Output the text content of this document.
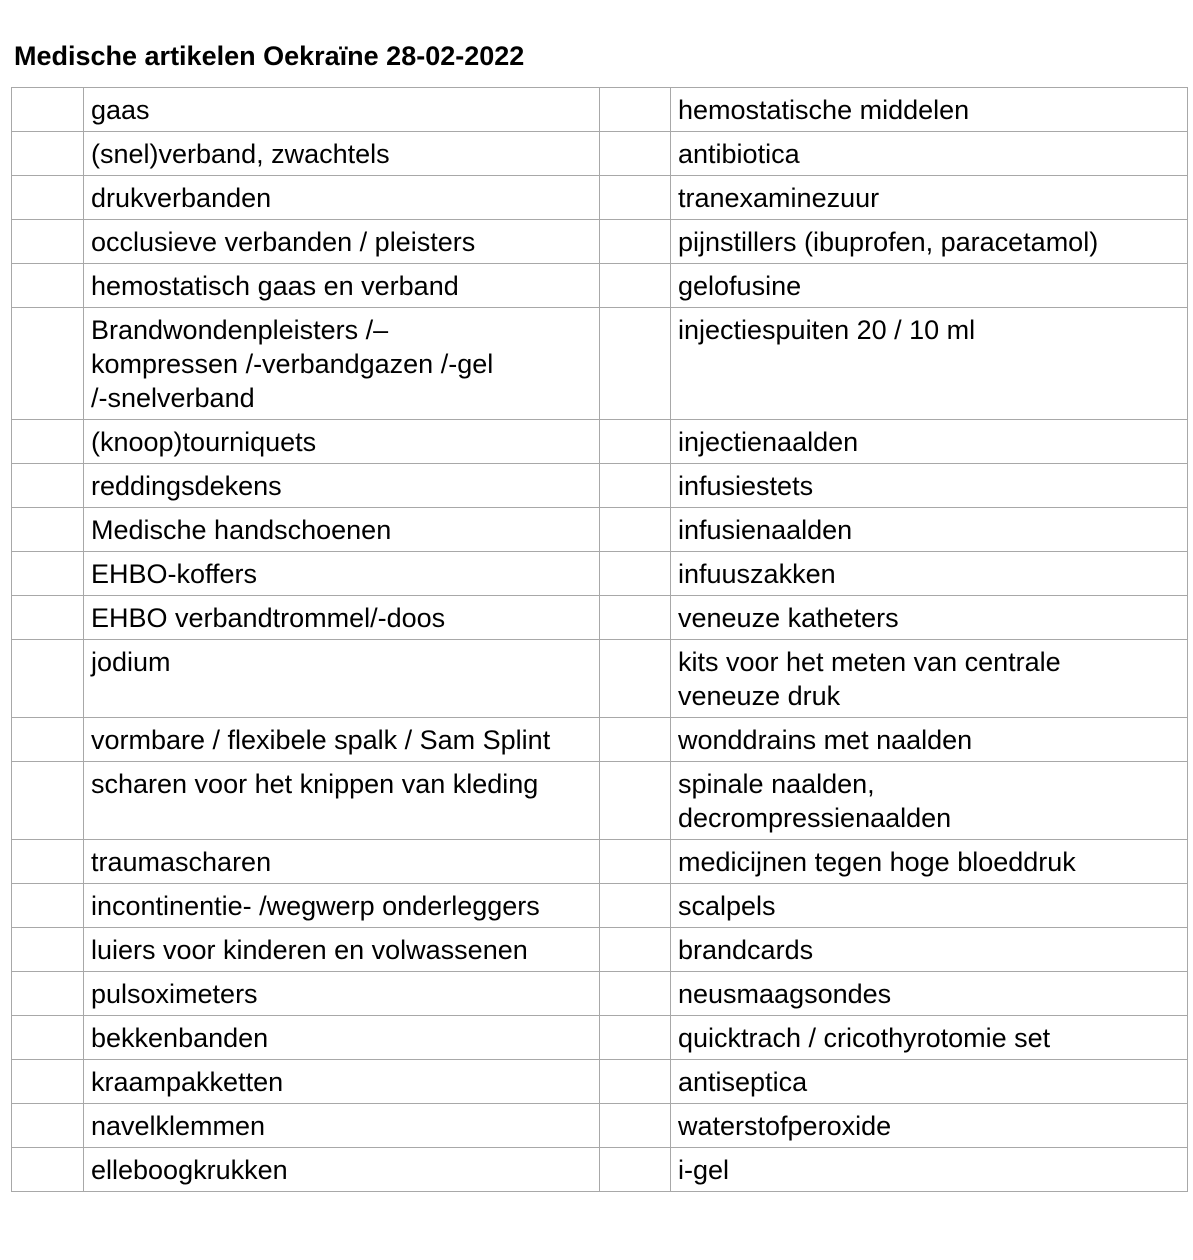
Medische artikelen Oekraïne 28-02-2022
	gaas		hemostatische middelen
	(snel)verband, zwachtels		antibiotica
	drukverbanden		tranexaminezuur
	occlusieve verbanden / pleisters		pijnstillers (ibuprofen, paracetamol)
	hemostatisch gaas en verband		gelofusine
	Brandwondenpleisters /–
kompressen /-verbandgazen /-gel
/-snelverband		injectiespuiten 20 / 10 ml
	(knoop)tourniquets		injectienaalden
	reddingsdekens		infusiestets
	Medische handschoenen		infusienaalden
	EHBO-koffers		infuuszakken
	EHBO verbandtrommel/-doos		veneuze katheters
	jodium		kits voor het meten van centrale
veneuze druk
	vormbare / flexibele spalk / Sam Splint		wonddrains met naalden
	scharen voor het knippen van kleding		spinale naalden,
decrompressienaalden
	traumascharen		medicijnen tegen hoge bloeddruk
	incontinentie- /wegwerp onderleggers		scalpels
	luiers voor kinderen en volwassenen		brandcards
	pulsoximeters		neusmaagsondes
	bekkenbanden		quicktrach / cricothyrotomie set
	kraampakketten		antiseptica
	navelklemmen		waterstofperoxide
	elleboogkrukken		i-gel
